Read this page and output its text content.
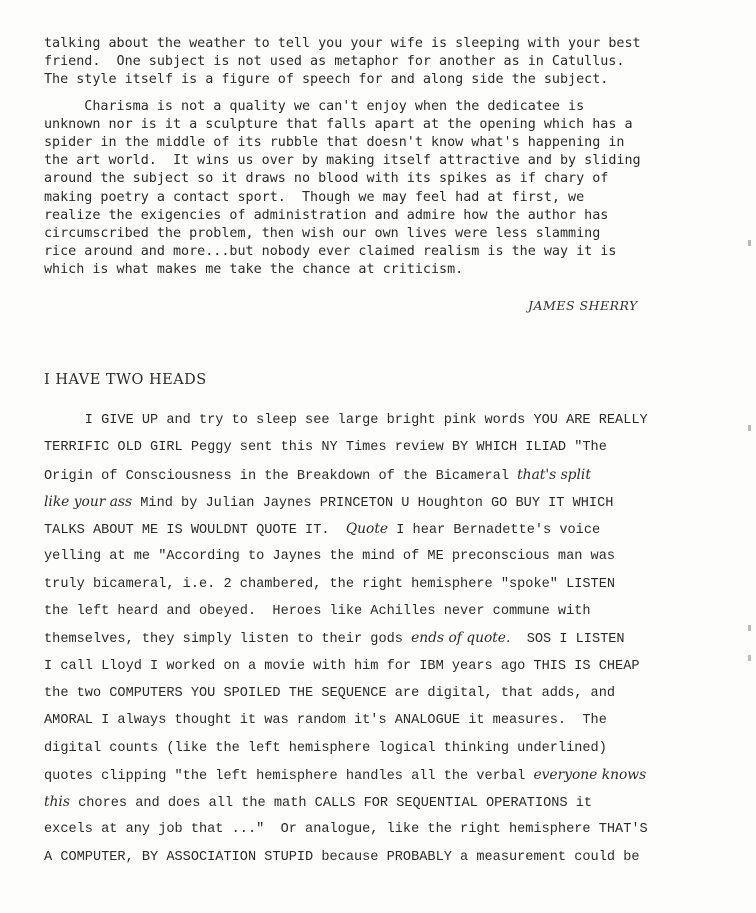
talking about the weather to tell you your wife is sleeping with your best

friend.  One subject is not used as metaphor for another as in Catullus.

The style itself is a figure of speech for and along side the subject.

Charisma is not a quality we can't enjoy when the dedicatee is

unknown nor is it a sculpture that falls apart at the opening which has a

spider in the middle of its rubble that doesn't know what's happening in

the art world.  It wins us over by making itself attractive and by sliding

around the subject so it draws no blood with its spikes as if chary of

making poetry a contact sport.  Though we may feel had at first, we

realize the exigencies of administration and admire how the author has

circumscribed the problem, then wish our own lives were less slamming

rice around and more...but nobody ever claimed realism is the way it is

which is what makes me take the chance at criticism.

JAMES SHERRY
I HAVE TWO HEADS
I GIVE UP and try to sleep see large bright pink words YOU ARE REALLY
TERRIFIC OLD GIRL Peggy sent this NY Times review BY WHICH ILIAD "The
Origin of Consciousness in the Breakdown of the Bicameral that's split
like your ass Mind by Julian Jaynes PRINCETON U Houghton GO BUY IT WHICH
TALKS ABOUT ME IS WOULDNT QUOTE IT.  Quote I hear Bernadette's voice
yelling at me "According to Jaynes the mind of ME preconscious man was
truly bicameral, i.e. 2 chambered, the right hemisphere "spoke" LISTEN
the left heard and obeyed.  Heroes like Achilles never commune with
themselves, they simply listen to their gods ends of quote.  SOS I LISTEN
I call Lloyd I worked on a movie with him for IBM years ago THIS IS CHEAP
the two COMPUTERS YOU SPOILED THE SEQUENCE are digital, that adds, and
AMORAL I always thought it was random it's ANALOGUE it measures.  The
digital counts (like the left hemisphere logical thinking underlined)
quotes clipping "the left hemisphere handles all the verbal everyone knows
this chores and does all the math CALLS FOR SEQUENTIAL OPERATIONS it
excels at any job that ..."  Or analogue, like the right hemisphere THAT'S
A COMPUTER, BY ASSOCIATION STUPID because PROBABLY a measurement could be
